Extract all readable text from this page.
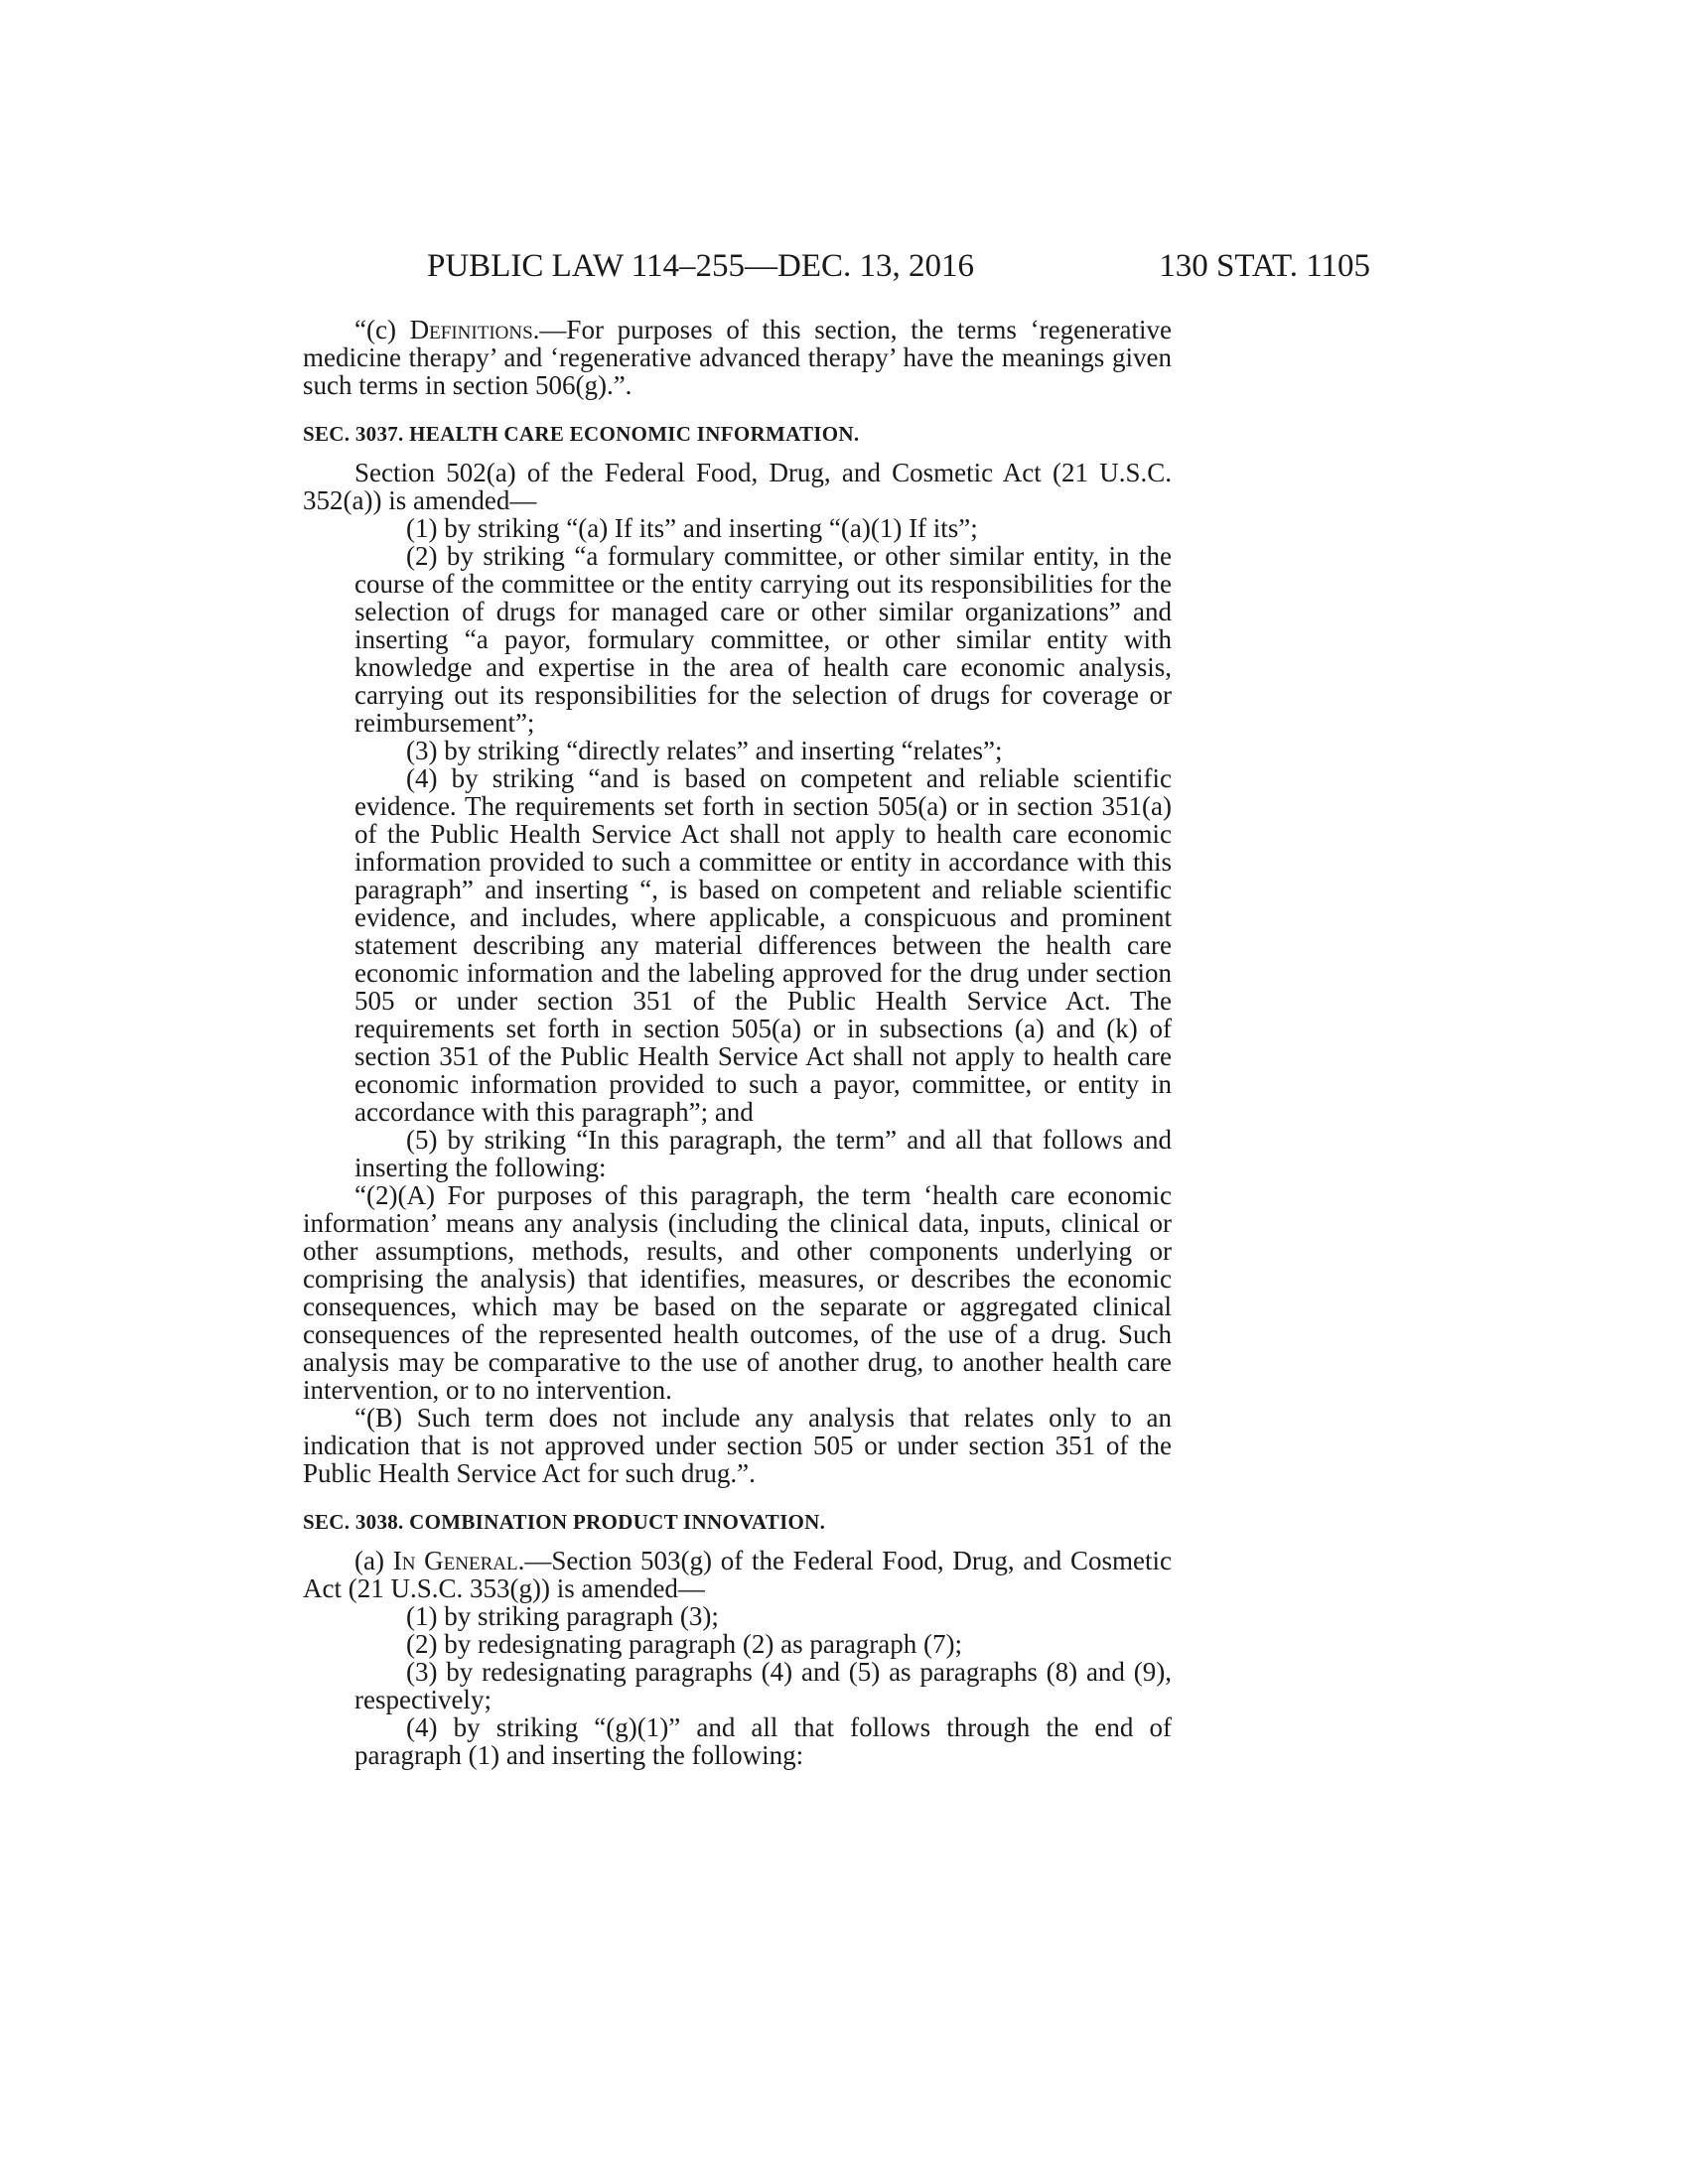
PUBLIC LAW 114–255—DEC. 13, 2016	130 STAT. 1105

“(c) Definitions.—For purposes of this section, the terms ‘regenerative medicine therapy’ and ‘regenerative advanced therapy’ have the meanings given such terms in section 506(g).”.

SEC. 3037. HEALTH CARE ECONOMIC INFORMATION.

Section 502(a) of the Federal Food, Drug, and Cosmetic Act (21 U.S.C. 352(a)) is amended—

(1) by striking “(a) If its” and inserting “(a)(1) If its”;

(2) by striking “a formulary committee, or other similar entity, in the course of the committee or the entity carrying out its responsibilities for the selection of drugs for managed care or other similar organizations” and inserting “a payor, formulary committee, or other similar entity with knowledge and expertise in the area of health care economic analysis, carrying out its responsibilities for the selection of drugs for coverage or reimbursement”;

(3) by striking “directly relates” and inserting “relates”;

(4) by striking “and is based on competent and reliable scientific evidence. The requirements set forth in section 505(a) or in section 351(a) of the Public Health Service Act shall not apply to health care economic information provided to such a committee or entity in accordance with this paragraph” and inserting “, is based on competent and reliable scientific evidence, and includes, where applicable, a conspicuous and prominent statement describing any material differences between the health care economic information and the labeling approved for the drug under section 505 or under section 351 of the Public Health Service Act. The requirements set forth in section 505(a) or in subsections (a) and (k) of section 351 of the Public Health Service Act shall not apply to health care economic information provided to such a payor, committee, or entity in accordance with this paragraph”; and

(5) by striking “In this paragraph, the term” and all that follows and inserting the following:

“(2)(A) For purposes of this paragraph, the term ‘health care economic information’ means any analysis (including the clinical data, inputs, clinical or other assumptions, methods, results, and other components underlying or comprising the analysis) that identifies, measures, or describes the economic consequences, which may be based on the separate or aggregated clinical consequences of the represented health outcomes, of the use of a drug. Such analysis may be comparative to the use of another drug, to another health care intervention, or to no intervention.

“(B) Such term does not include any analysis that relates only to an indication that is not approved under section 505 or under section 351 of the Public Health Service Act for such drug.”.

SEC. 3038. COMBINATION PRODUCT INNOVATION.

(a) In General.—Section 503(g) of the Federal Food, Drug, and Cosmetic Act (21 U.S.C. 353(g)) is amended—

(1) by striking paragraph (3);

(2) by redesignating paragraph (2) as paragraph (7);

(3) by redesignating paragraphs (4) and (5) as paragraphs (8) and (9), respectively;

(4) by striking “(g)(1)” and all that follows through the end of paragraph (1) and inserting the following:
